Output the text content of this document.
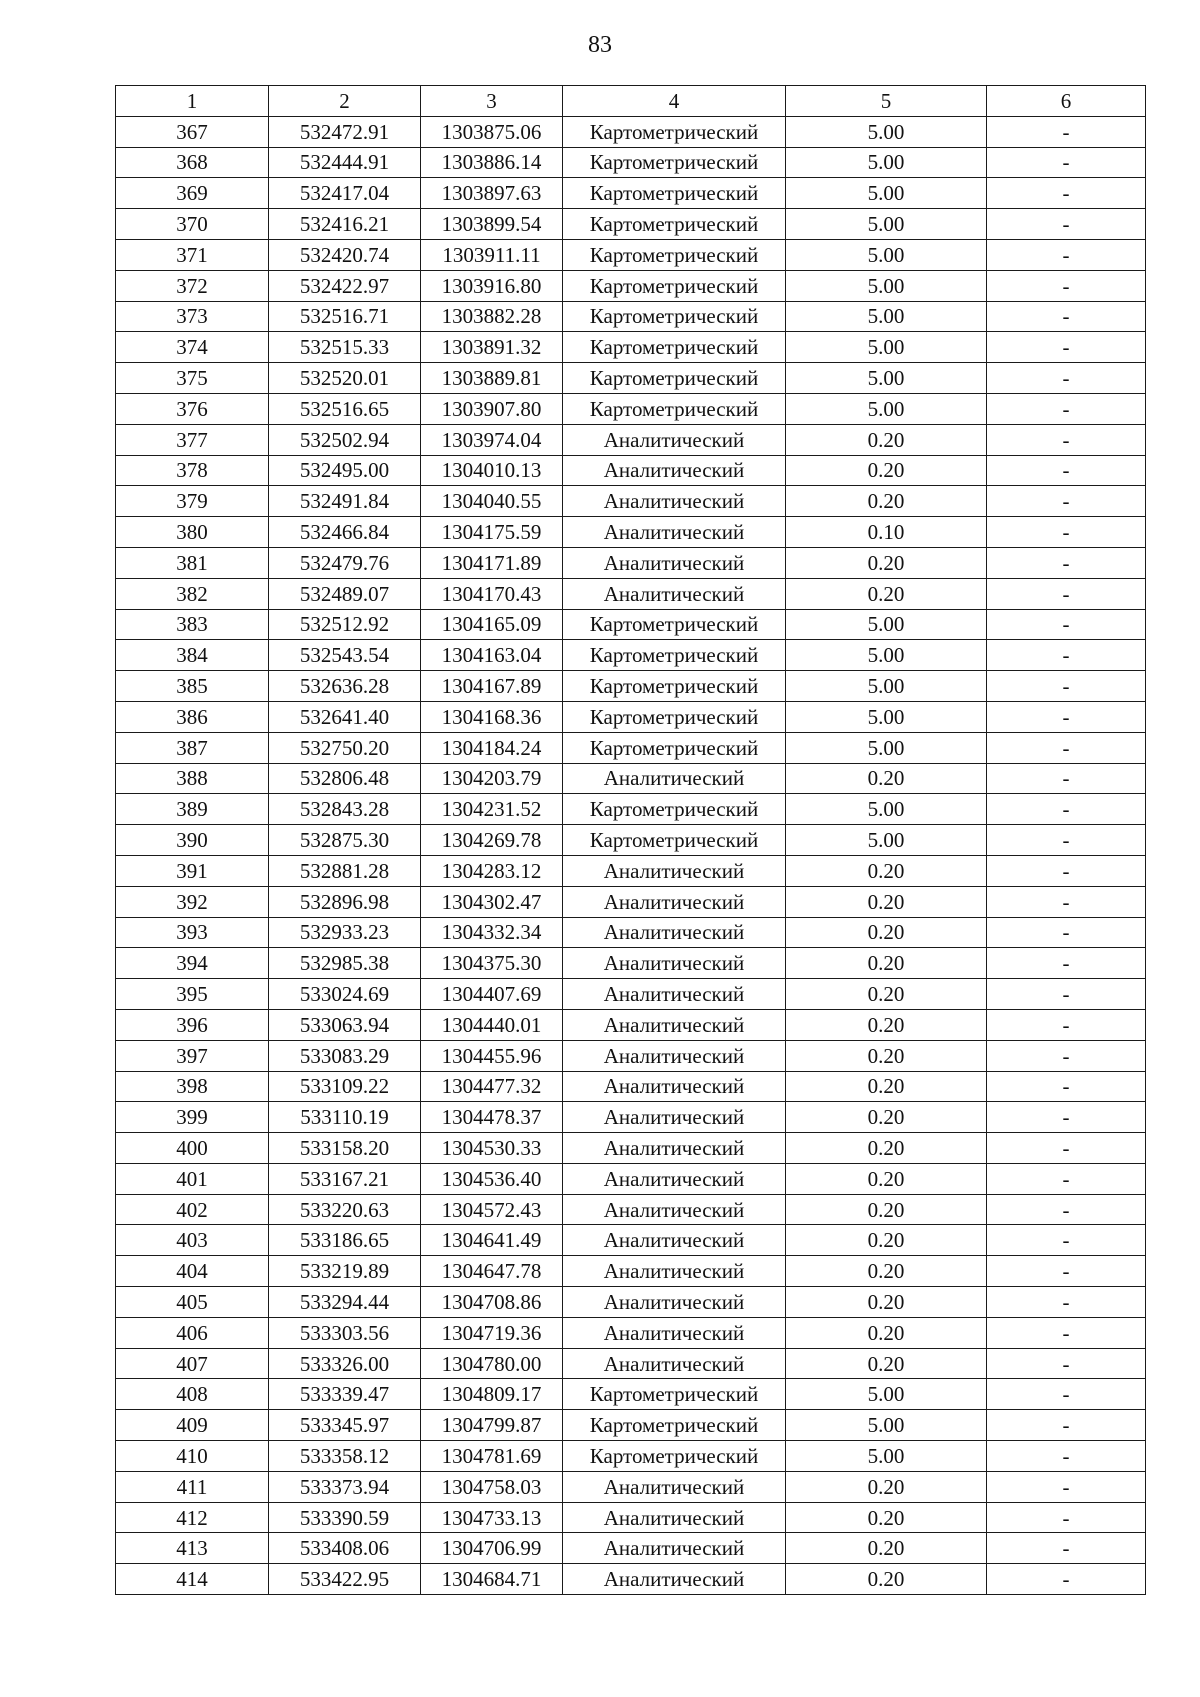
83
1	2	3	4	5	6
367	532472.91	1303875.06	Картометрический	5.00	-
368	532444.91	1303886.14	Картометрический	5.00	-
369	532417.04	1303897.63	Картометрический	5.00	-
370	532416.21	1303899.54	Картометрический	5.00	-
371	532420.74	1303911.11	Картометрический	5.00	-
372	532422.97	1303916.80	Картометрический	5.00	-
373	532516.71	1303882.28	Картометрический	5.00	-
374	532515.33	1303891.32	Картометрический	5.00	-
375	532520.01	1303889.81	Картометрический	5.00	-
376	532516.65	1303907.80	Картометрический	5.00	-
377	532502.94	1303974.04	Аналитический	0.20	-
378	532495.00	1304010.13	Аналитический	0.20	-
379	532491.84	1304040.55	Аналитический	0.20	-
380	532466.84	1304175.59	Аналитический	0.10	-
381	532479.76	1304171.89	Аналитический	0.20	-
382	532489.07	1304170.43	Аналитический	0.20	-
383	532512.92	1304165.09	Картометрический	5.00	-
384	532543.54	1304163.04	Картометрический	5.00	-
385	532636.28	1304167.89	Картометрический	5.00	-
386	532641.40	1304168.36	Картометрический	5.00	-
387	532750.20	1304184.24	Картометрический	5.00	-
388	532806.48	1304203.79	Аналитический	0.20	-
389	532843.28	1304231.52	Картометрический	5.00	-
390	532875.30	1304269.78	Картометрический	5.00	-
391	532881.28	1304283.12	Аналитический	0.20	-
392	532896.98	1304302.47	Аналитический	0.20	-
393	532933.23	1304332.34	Аналитический	0.20	-
394	532985.38	1304375.30	Аналитический	0.20	-
395	533024.69	1304407.69	Аналитический	0.20	-
396	533063.94	1304440.01	Аналитический	0.20	-
397	533083.29	1304455.96	Аналитический	0.20	-
398	533109.22	1304477.32	Аналитический	0.20	-
399	533110.19	1304478.37	Аналитический	0.20	-
400	533158.20	1304530.33	Аналитический	0.20	-
401	533167.21	1304536.40	Аналитический	0.20	-
402	533220.63	1304572.43	Аналитический	0.20	-
403	533186.65	1304641.49	Аналитический	0.20	-
404	533219.89	1304647.78	Аналитический	0.20	-
405	533294.44	1304708.86	Аналитический	0.20	-
406	533303.56	1304719.36	Аналитический	0.20	-
407	533326.00	1304780.00	Аналитический	0.20	-
408	533339.47	1304809.17	Картометрический	5.00	-
409	533345.97	1304799.87	Картометрический	5.00	-
410	533358.12	1304781.69	Картометрический	5.00	-
411	533373.94	1304758.03	Аналитический	0.20	-
412	533390.59	1304733.13	Аналитический	0.20	-
413	533408.06	1304706.99	Аналитический	0.20	-
414	533422.95	1304684.71	Аналитический	0.20	-
